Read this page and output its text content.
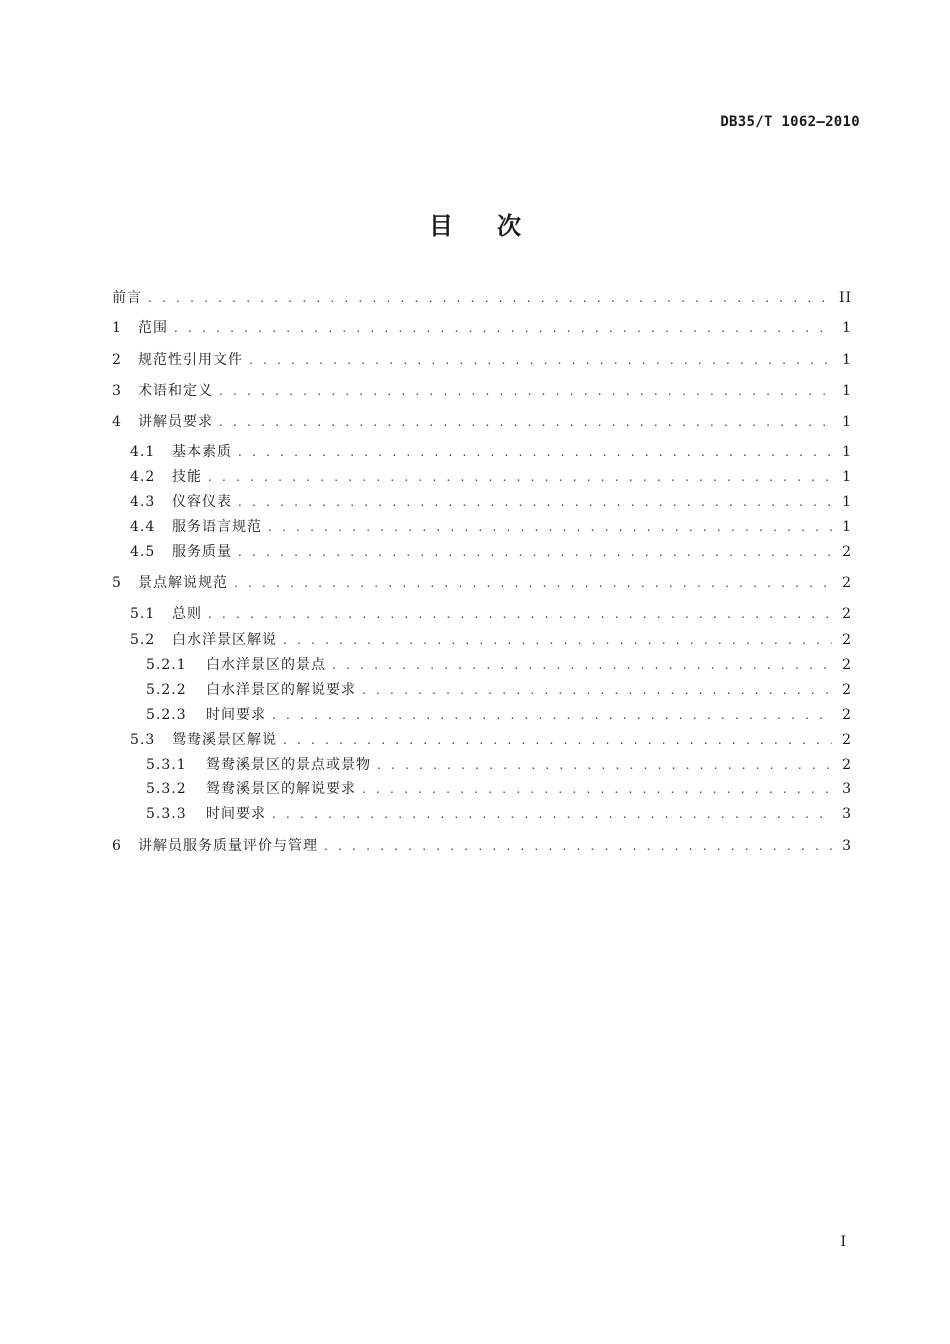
DB35/T 1062—2010
目次
前言 . . .	II
1	范围 . . .	1
2	规范性引用文件 . . .	1
3	术语和定义 . . .	1
4	讲解员要求 . . .	1
4.1	基本素质 . . .	1
4.2	技能 . . .	1
4.3	仪容仪表 . . .	1
4.4	服务语言规范 . . .	1
4.5	服务质量 . . .	2
5	景点解说规范 . . .	2
5.1	总则 . . .	2
5.2	白水洋景区解说 . . .	2
5.2.1	白水洋景区的景点 . . .	2
5.2.2	白水洋景区的解说要求 . . .	2
5.2.3	时间要求 . . .	2
5.3	鸳鸯溪景区解说 . . .	2
5.3.1	鸳鸯溪景区的景点或景物 . . .	2
5.3.2	鸳鸯溪景区的解说要求 . . .	3
5.3.3	时间要求 . . .	3
6	讲解员服务质量评价与管理 . . .	3
I
